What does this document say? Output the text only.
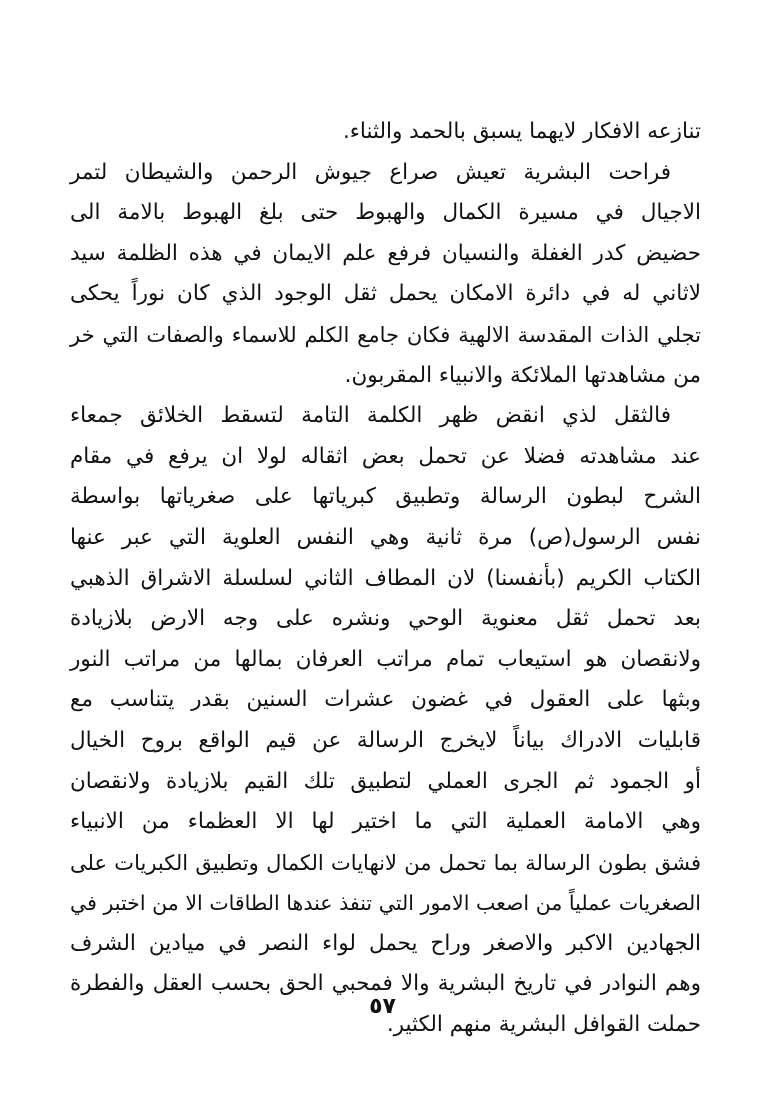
تنازعه الافكار لايهما يسبق بالحمد والثناء.
فراحت البشرية تعيش صراع جيوش الرحمن والشيطان لتمر
الاجيال في مسيرة الكمال والهبوط حتى بلغ الهبوط بالامة الى
حضيض كدر الغفلة والنسيان فرفع علم الايمان في هذه الظلمة سيد
لاثاني له في دائرة الامكان يحمل ثقل الوجود الذي كان نوراً يحكى
تجلي الذات المقدسة الالهية فكان جامع الكلم للاسماء والصفات التي خر
من مشاهدتها الملائكة والانبياء المقربون.
فالثقل لذي انقض ظهر الكلمة التامة لتسقط الخلائق جمعاء
عند مشاهدته فضلا عن تحمل بعض اثقاله لولا ان يرفع في مقام
الشرح لبطون الرسالة وتطبيق كبرياتها على صغرياتها بواسطة
نفس الرسول(ص) مرة ثانية وهي النفس العلوية التي عبر عنها
الكتاب الكريم (بأنفسنا) لان المطاف الثاني لسلسلة الاشراق الذهبي
بعد تحمل ثقل معنوية الوحي ونشره على وجه الارض بلازيادة
ولانقصان هو استيعاب تمام مراتب العرفان بمالها من مراتب النور
وبثها على العقول في غضون عشرات السنين بقدر يتناسب مع
قابليات الادراك بياناً لايخرج الرسالة عن قيم الواقع بروح الخيال
أو الجمود ثم الجرى العملي لتطبيق تلك القيم بلازيادة ولانقصان
وهي الامامة العملية التي ما اختير لها الا العظماء من الانبياء
فشق بطون الرسالة بما تحمل من لانهايات الكمال وتطبيق الكبريات على
الصغريات عملياً من اصعب الامور التي تنفذ عندها الطاقات الا من اختبر في
الجهادين الاكبر والاصغر وراح يحمل لواء النصر في ميادين الشرف
وهم النوادر في تاريخ البشرية والا فمحبي الحق بحسب العقل والفطرة
حملت القوافل البشرية منهم الكثير.
٥٧
